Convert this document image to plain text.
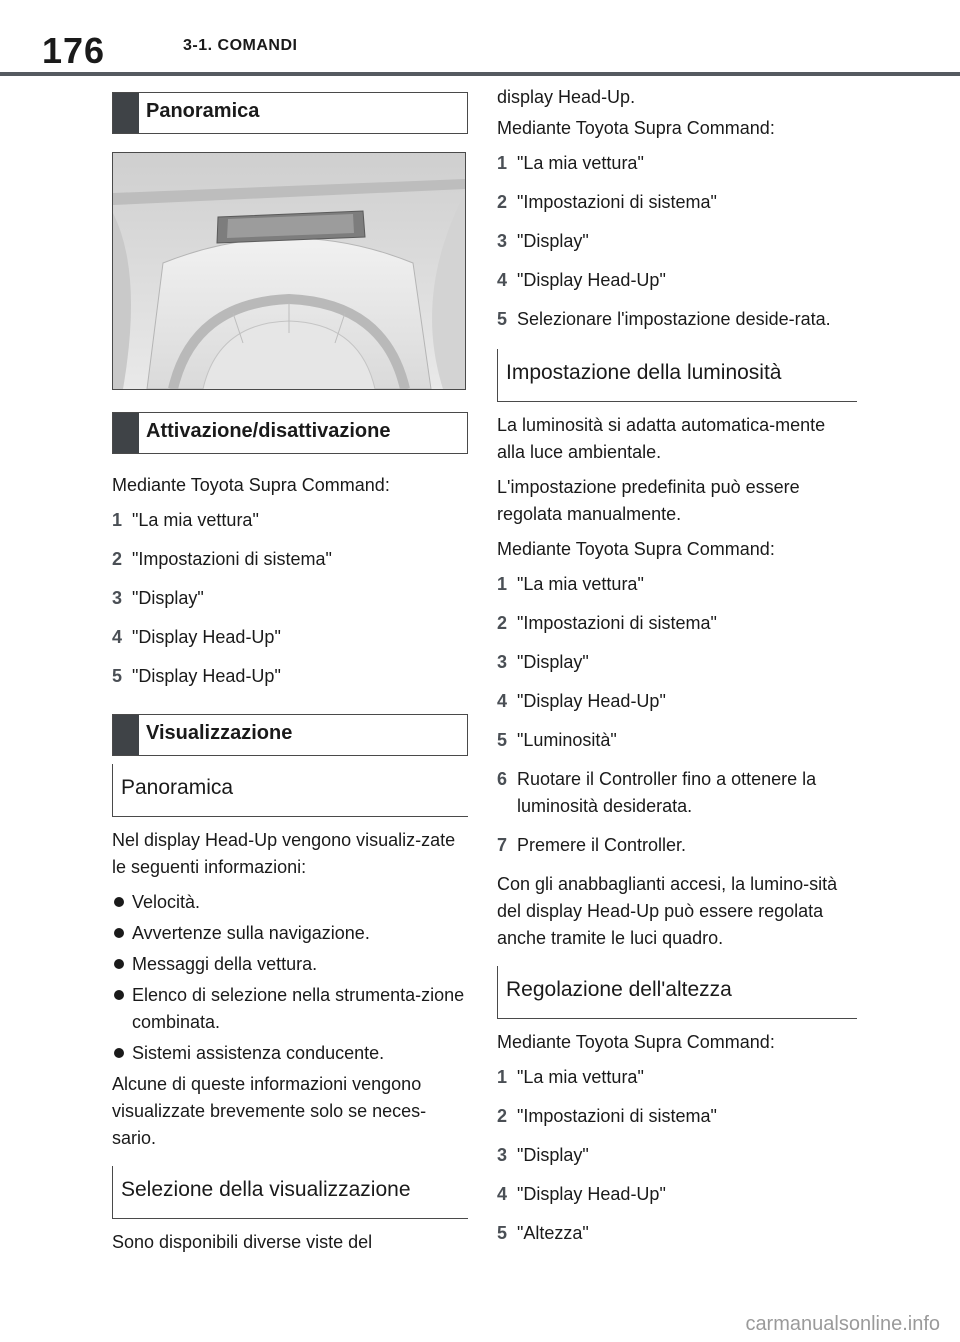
176	3-1. COMANDI
Panoramica
Attivazione/disattivazione

Mediante Toyota Supra Command:

1 "La mia vettura"
2 "Impostazioni di sistema"
3 "Display"
4 "Display Head-Up"
5 "Display Head-Up"
Visualizzazione
Panoramica

Nel display Head-Up vengono visualiz-zate le seguenti informazioni:

Velocità.
Avvertenze sulla navigazione.
Messaggi della vettura.
Elenco di selezione nella strumenta-zione combinata.
Sistemi assistenza conducente.

Alcune di queste informazioni vengono visualizzate brevemente solo se neces-sario.

Selezione della visualizzazione

Sono disponibili diverse viste del

display Head-Up.

Mediante Toyota Supra Command:

1 "La mia vettura"
2 "Impostazioni di sistema"
3 "Display"
4 "Display Head-Up"
5 Selezionare l'impostazione deside-rata.
Impostazione della luminosità

La luminosità si adatta automatica-mente alla luce ambientale.

L'impostazione predefinita può essere regolata manualmente.

Mediante Toyota Supra Command:

1 "La mia vettura"
2 "Impostazioni di sistema"
3 "Display"
4 "Display Head-Up"
5 "Luminosità"
6 Ruotare il Controller fino a ottenere la luminosità desiderata.
7 Premere il Controller.

Con gli anabbaglianti accesi, la lumino-sità del display Head-Up può essere regolata anche tramite le luci quadro.

Regolazione dell'altezza

Mediante Toyota Supra Command:

1 "La mia vettura"
2 "Impostazioni di sistema"
3 "Display"
4 "Display Head-Up"
5 "Altezza"
carmanualsonline.info
